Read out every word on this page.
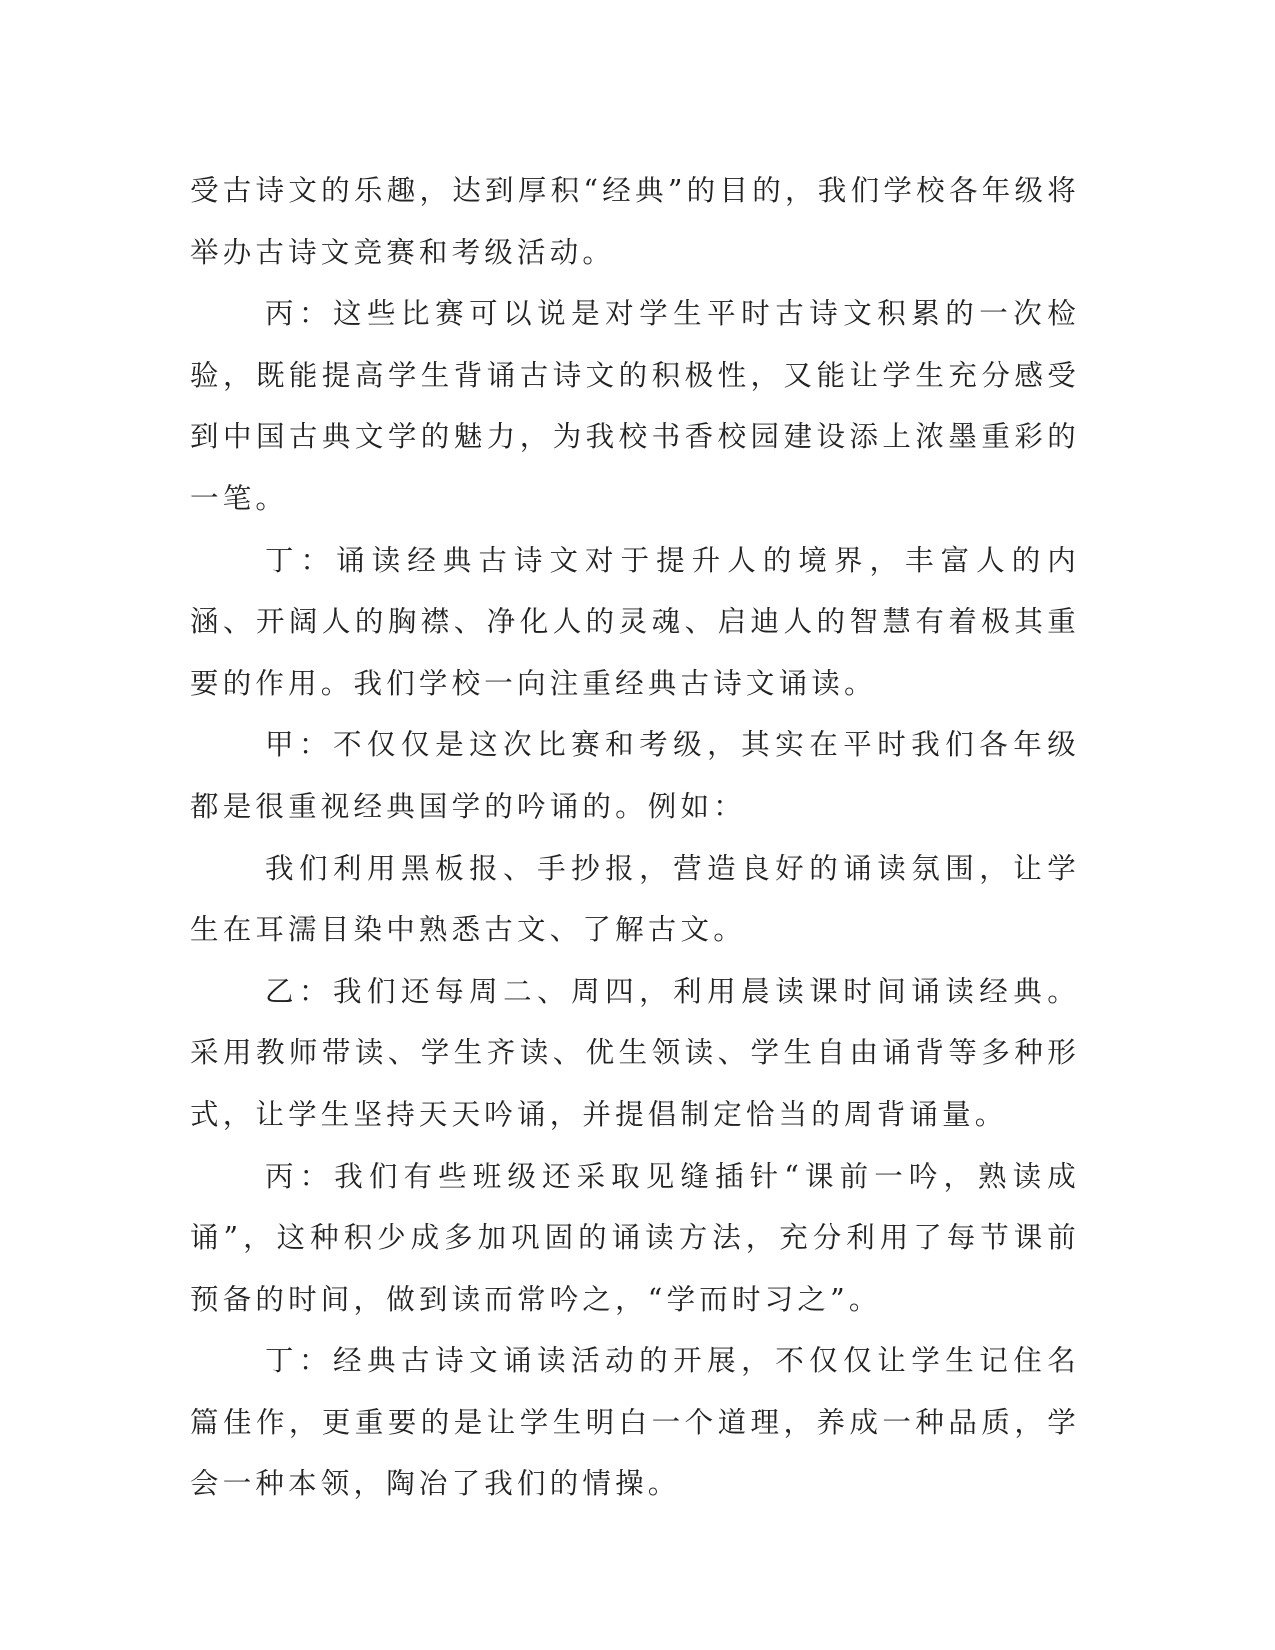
受古诗文的乐趣，达到厚积“经典”的目的，我们学校各年级将举办古诗文竞赛和考级活动。

丙：这些比赛可以说是对学生平时古诗文积累的一次检验，既能提高学生背诵古诗文的积极性，又能让学生充分感受到中国古典文学的魅力，为我校书香校园建设添上浓墨重彩的一笔。

丁：诵读经典古诗文对于提升人的境界，丰富人的内涵、开阔人的胸襟、净化人的灵魂、启迪人的智慧有着极其重要的作用。我们学校一向注重经典古诗文诵读。

甲：不仅仅是这次比赛和考级，其实在平时我们各年级都是很重视经典国学的吟诵的。例如：

我们利用黑板报、手抄报，营造良好的诵读氛围，让学生在耳濡目染中熟悉古文、了解古文。

乙：我们还每周二、周四，利用晨读课时间诵读经典。采用教师带读、学生齐读、优生领读、学生自由诵背等多种形式，让学生坚持天天吟诵，并提倡制定恰当的周背诵量。

丙：我们有些班级还采取见缝插针“课前一吟，熟读成诵”，这种积少成多加巩固的诵读方法，充分利用了每节课前预备的时间，做到读而常吟之，“学而时习之”。

丁：经典古诗文诵读活动的开展，不仅仅让学生记住名篇佳作，更重要的是让学生明白一个道理，养成一种品质，学会一种本领，陶冶了我们的情操。
